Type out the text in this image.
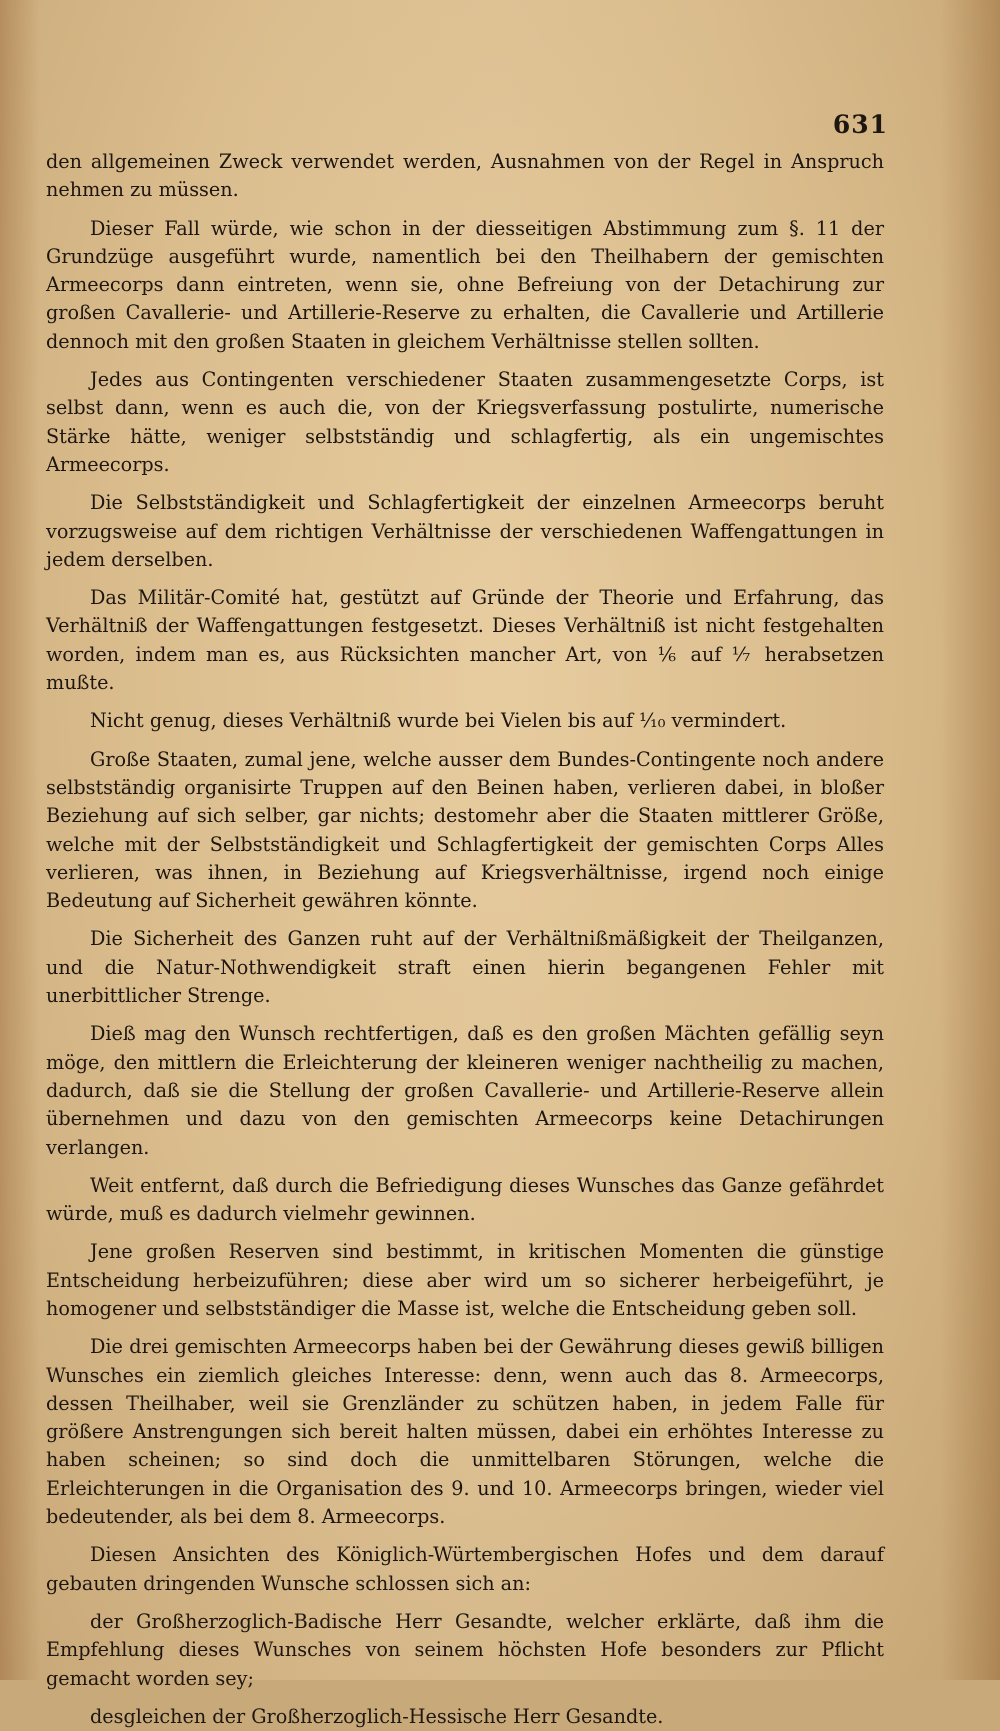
631

den allgemeinen Zweck verwendet werden, Ausnahmen von der Regel in Anspruch nehmen zu müssen.

Dieser Fall würde, wie schon in der diesseitigen Abstimmung zum §. 11 der Grundzüge ausgeführt wurde, namentlich bei den Theilhabern der gemischten Armeecorps dann eintreten, wenn sie, ohne Befreiung von der Detachirung zur großen Cavallerie- und Artillerie-Reserve zu erhalten, die Cavallerie und Artillerie dennoch mit den großen Staaten in gleichem Verhältnisse stellen sollten.

Jedes aus Contingenten verschiedener Staaten zusammengesetzte Corps, ist selbst dann, wenn es auch die, von der Kriegsverfassung postulirte, numerische Stärke hätte, weniger selbstständig und schlagfertig, als ein ungemischtes Armeecorps.

Die Selbstständigkeit und Schlagfertigkeit der einzelnen Armeecorps beruht vorzugsweise auf dem richtigen Verhältnisse der verschiedenen Waffengattungen in jedem derselben.

Das Militär-Comité hat, gestützt auf Gründe der Theorie und Erfahrung, das Verhältniß der Waffengattungen festgesetzt. Dieses Verhältniß ist nicht festgehalten worden, indem man es, aus Rücksichten mancher Art, von ⅙ auf ⅐ herabsetzen mußte.

Nicht genug, dieses Verhältniß wurde bei Vielen bis auf ⅒ vermindert.

Große Staaten, zumal jene, welche ausser dem Bundes-Contingente noch andere selbstständig organisirte Truppen auf den Beinen haben, verlieren dabei, in bloßer Beziehung auf sich selber, gar nichts; destomehr aber die Staaten mittlerer Größe, welche mit der Selbstständigkeit und Schlagfertigkeit der gemischten Corps Alles verlieren, was ihnen, in Beziehung auf Kriegsverhältnisse, irgend noch einige Bedeutung auf Sicherheit gewähren könnte.

Die Sicherheit des Ganzen ruht auf der Verhältnißmäßigkeit der Theilganzen, und die Natur-Nothwendigkeit straft einen hierin begangenen Fehler mit unerbittlicher Strenge.

Dieß mag den Wunsch rechtfertigen, daß es den großen Mächten gefällig seyn möge, den mittlern die Erleichterung der kleineren weniger nachtheilig zu machen, dadurch, daß sie die Stellung der großen Cavallerie- und Artillerie-Reserve allein übernehmen und dazu von den gemischten Armeecorps keine Detachirungen verlangen.

Weit entfernt, daß durch die Befriedigung dieses Wunsches das Ganze gefährdet würde, muß es dadurch vielmehr gewinnen.

Jene großen Reserven sind bestimmt, in kritischen Momenten die günstige Entscheidung herbeizuführen; diese aber wird um so sicherer herbeigeführt, je homogener und selbstständiger die Masse ist, welche die Entscheidung geben soll.

Die drei gemischten Armeecorps haben bei der Gewährung dieses gewiß billigen Wunsches ein ziemlich gleiches Interesse: denn, wenn auch das 8. Armeecorps, dessen Theilhaber, weil sie Grenzländer zu schützen haben, in jedem Falle für größere Anstrengungen sich bereit halten müssen, dabei ein erhöhtes Interesse zu haben scheinen; so sind doch die unmittelbaren Störungen, welche die Erleichterungen in die Organisation des 9. und 10. Armeecorps bringen, wieder viel bedeutender, als bei dem 8. Armeecorps.

Diesen Ansichten des Königlich-Würtembergischen Hofes und dem darauf gebauten dringenden Wunsche schlossen sich an:

der Großherzoglich-Badische Herr Gesandte, welcher erklärte, daß ihm die Empfehlung dieses Wunsches von seinem höchsten Hofe besonders zur Pflicht gemacht worden sey;

desgleichen der Großherzoglich-Hessische Herr Gesandte.
